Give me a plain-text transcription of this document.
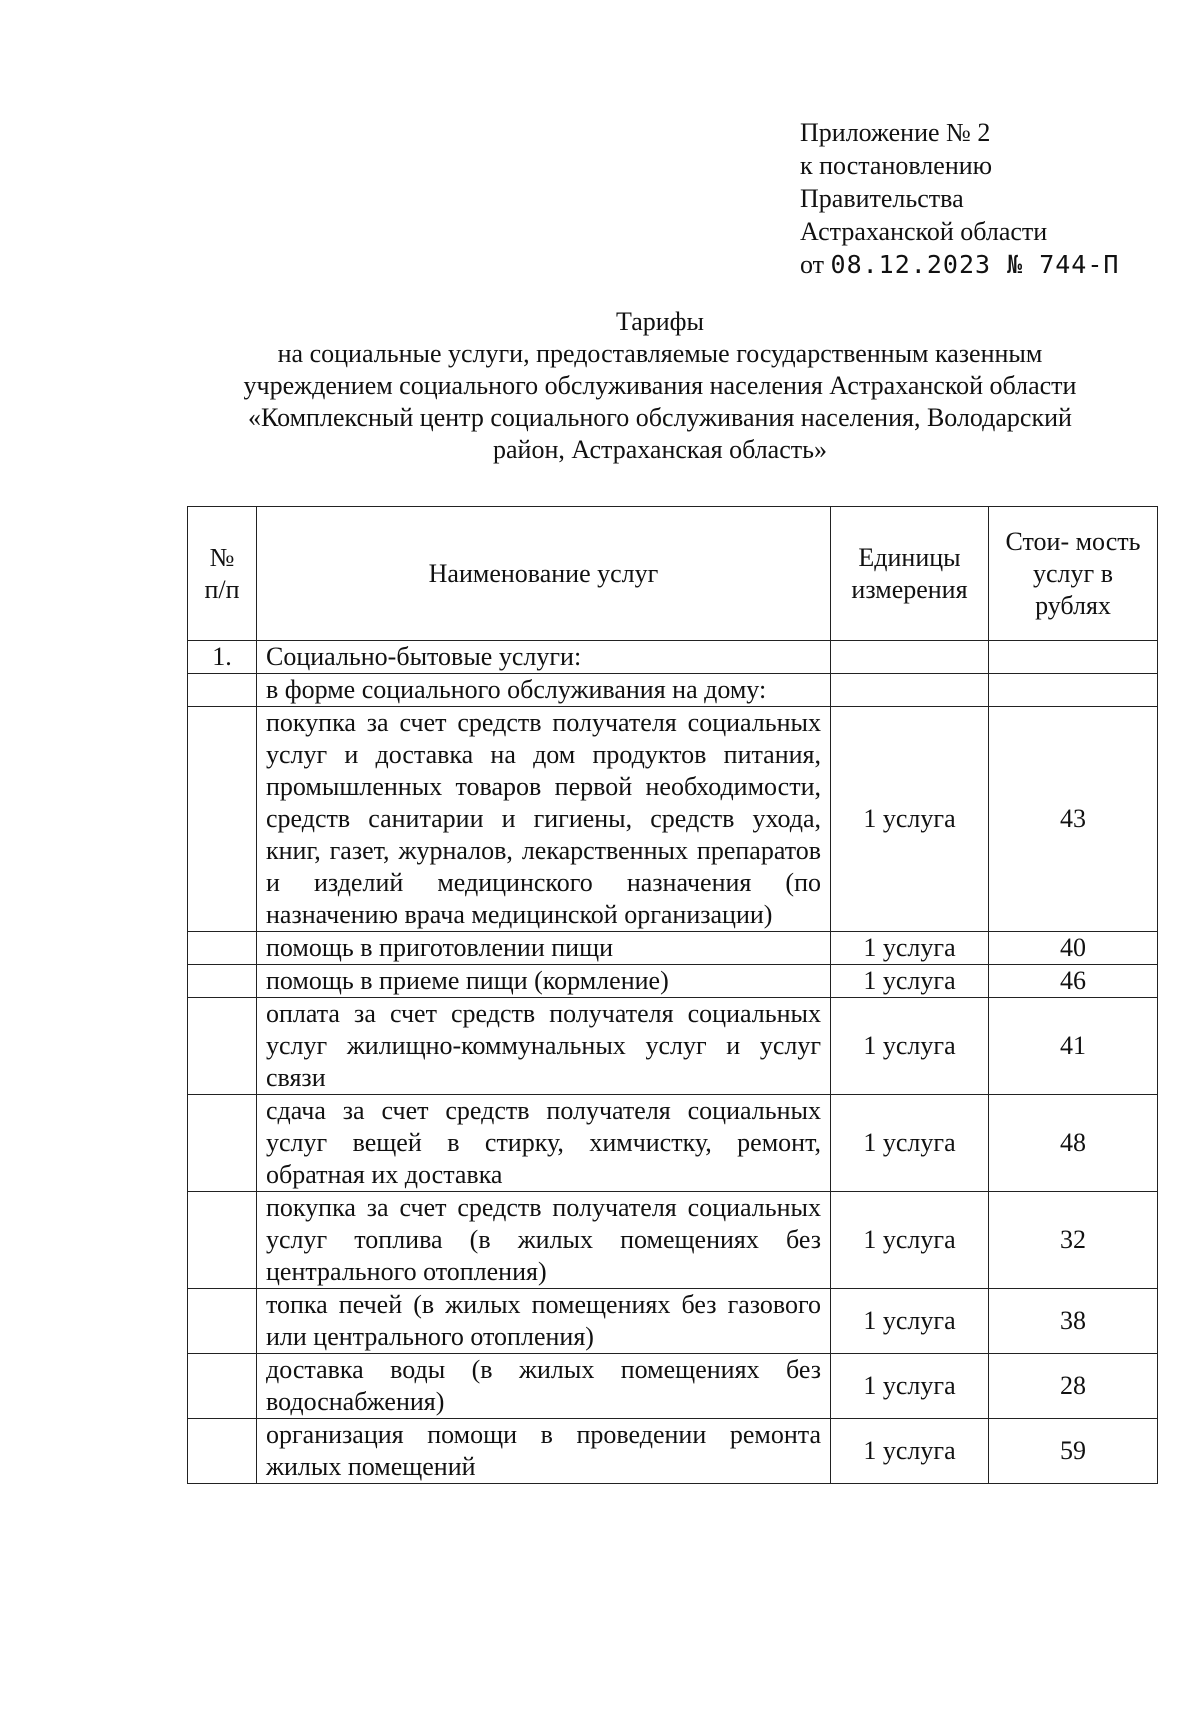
Приложение № 2
к постановлению
Правительства
Астраханской области
от 08.12.2023 № 744-П
Тарифы
на социальные услуги, предоставляемые государственным казенным
учреждением социального обслуживания населения Астраханской области
«Комплексный центр социального обслуживания населения, Володарский
район, Астраханская область»
№ п/п	Наименование услуг	Единицы измерения	Стои- мость услуг в рублях
1.	Социально-бытовые услуги:		
	в форме социального обслуживания на дому:		
	покупка за счет средств получателя социальных услуг и доставка на дом продуктов питания, промышленных товаров первой необходимости, средств санитарии и гигиены, средств ухода, книг, газет, журналов, лекарственных препаратов и изделий медицинского назначения (по назначению врача медицинской организации)	1 услуга	43
	помощь в приготовлении пищи	1 услуга	40
	помощь в приеме пищи (кормление)	1 услуга	46
	оплата за счет средств получателя социальных услуг жилищно-коммунальных услуг и услуг связи	1 услуга	41
	сдача за счет средств получателя социальных услуг вещей в стирку, химчистку, ремонт, обратная их доставка	1 услуга	48
	покупка за счет средств получателя социальных услуг топлива (в жилых помещениях без центрального отопления)	1 услуга	32
	топка печей (в жилых помещениях без газового или центрального отопления)	1 услуга	38
	доставка воды (в жилых помещениях без водоснабжения)	1 услуга	28
	организация помощи в проведении ремонта жилых помещений	1 услуга	59
